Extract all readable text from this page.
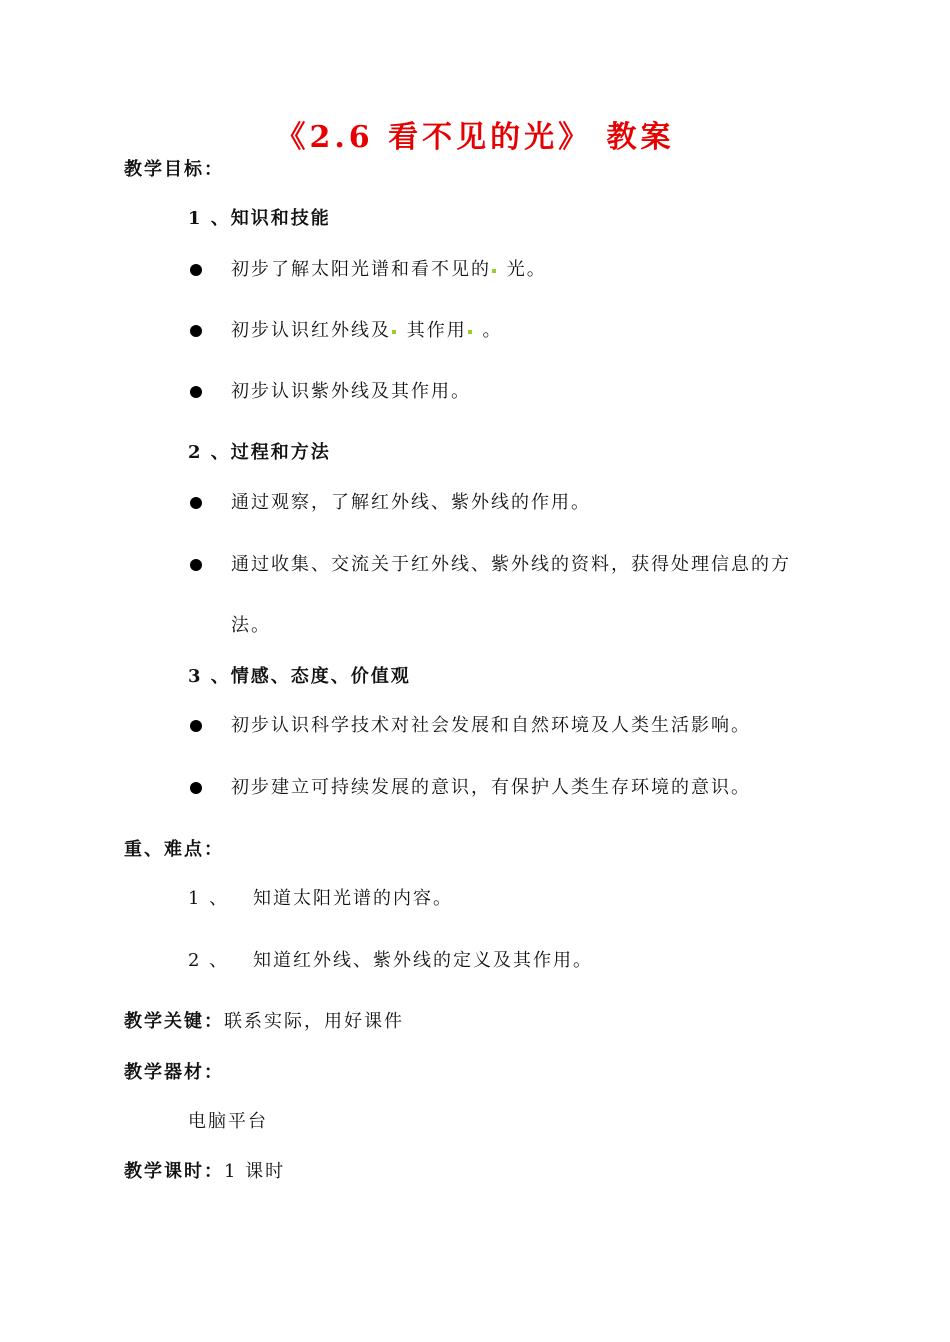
《2.6 看不见的光》 教案
教学目标：
1 、知识和技能
初步了解太阳光谱和看不见的 光。
初步认识红外线及 其作用 。
初步认识紫外线及其作用。
2 、过程和方法
通过观察，了解红外线、紫外线的作用。
通过收集、交流关于红外线、紫外线的资料，获得处理信息的方
法。
3 、情感、态度、价值观
初步认识科学技术对社会发展和自然环境及人类生活影响。
初步建立可持续发展的意识，有保护人类生存环境的意识。
重、难点：
1 、 知道太阳光谱的内容。
2 、 知道红外线、紫外线的定义及其作用。
教学关键：联系实际，用好课件
教学器材：
电脑平台
教学课时：1 课时
